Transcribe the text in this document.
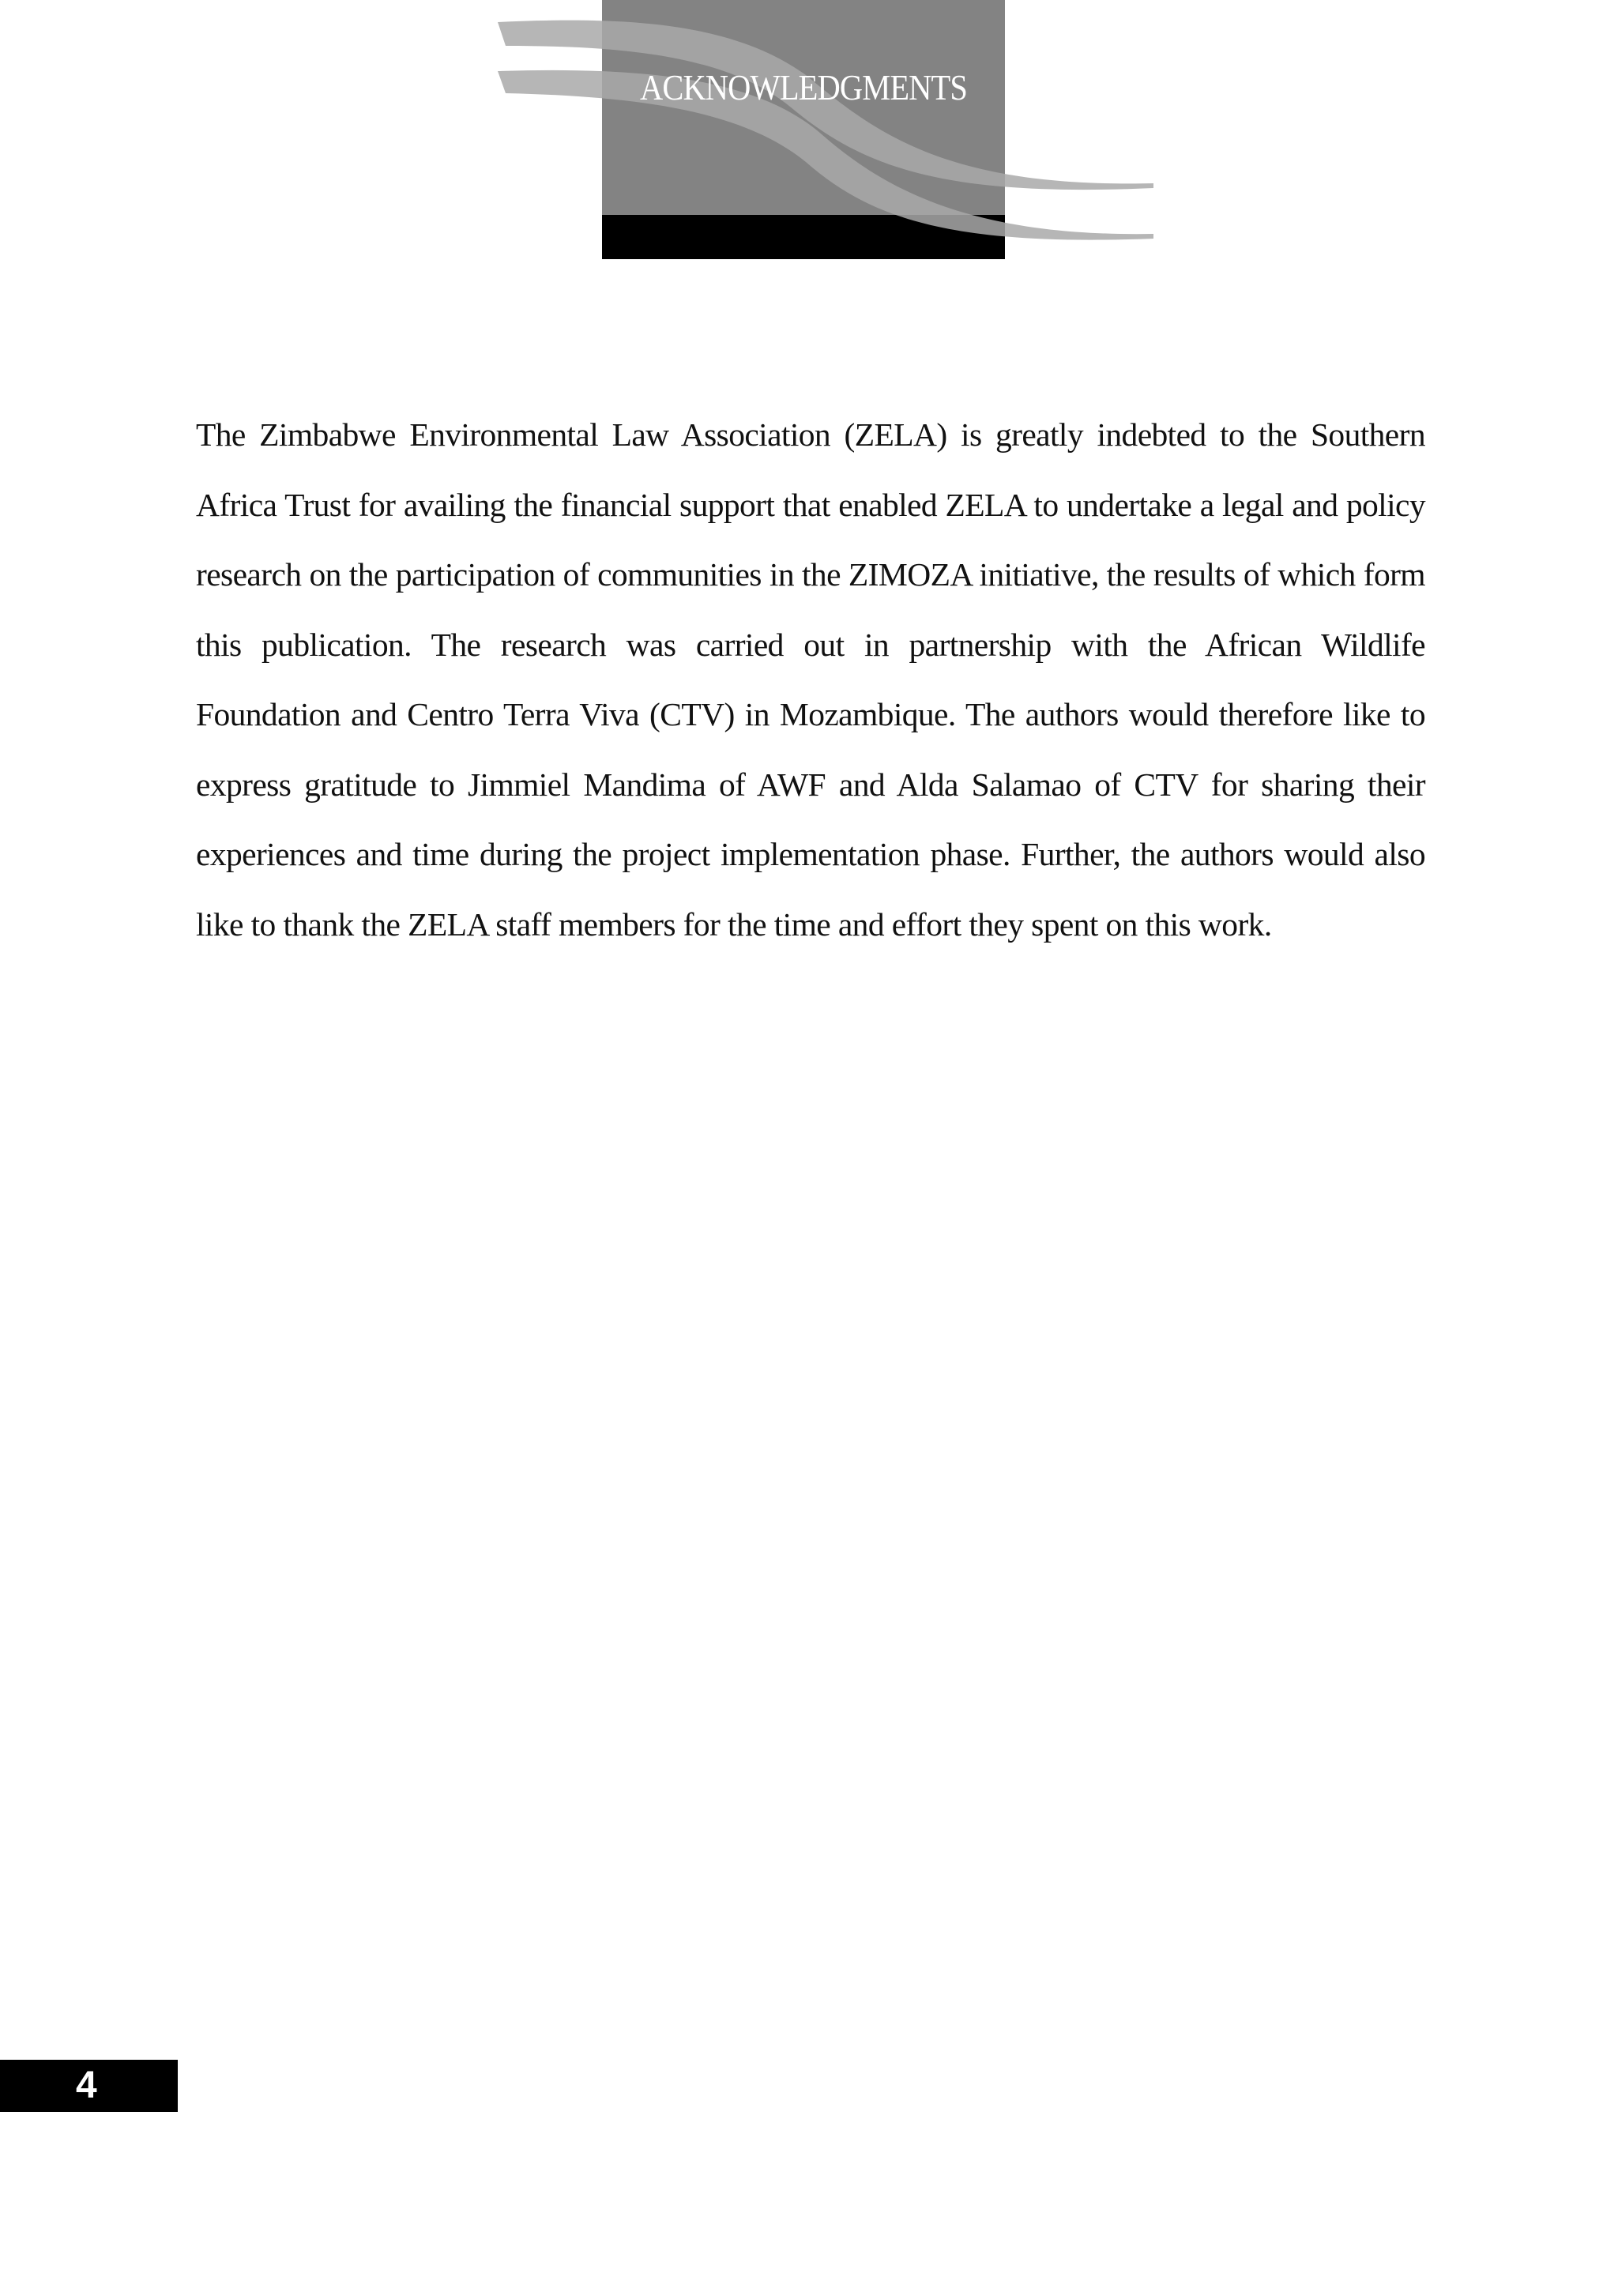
ACKNOWLEDGMENTS

The Zimbabwe Environmental Law Association (ZELA) is greatly indebted to the Southern Africa Trust for availing the financial support that enabled ZELA to undertake a legal and policy research on the participation of communities in the ZIMOZA initiative, the results of which form this publication. The research was carried out in partnership with the African Wildlife Foundation and Centro Terra Viva (CTV) in Mozambique. The authors would therefore like to express gratitude to Jimmiel Mandima of AWF and Alda Salamao of CTV for sharing their experiences and time during the project implementation phase. Further, the authors would also like to thank the ZELA staff members for the time and effort they spent on this work.

4
